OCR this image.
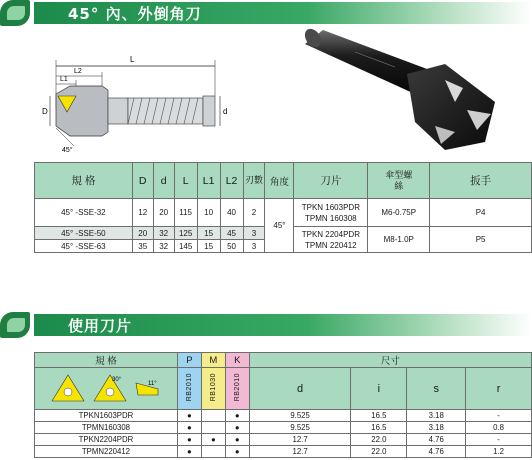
45° 內、外倒角刀
L
L2
L1
D	d
45°
規 格	D	d	L	L1	L2	刃數	角度	刀片	傘型螺絲	扳手
45° -SSE-32	12	20	115	10	40	2	45°	TPKN 1603PDR
TPMN 160308	M6-0.75P	P4
45° -SSE-50	20	32	125	15	45	3		TPKN 2204PDR
TPMN 220412	M8-1.0P	P5
45° -SSE-63	35	32	145	15	50	3				
使用刀片
規 格	P	M	K	尺寸			

30°
11°	RB2010	RB1030	RB2010	d	i	s	r
TPKN1603PDR	●		●	9.525	16.5	3.18	-
TPMN160308	●		●	9.525	16.5	3.18	0.8
TPKN2204PDR	●	●	●	12.7	22.0	4.76	-
TPMN220412	●		●	12.7	22.0	4.76	1.2
